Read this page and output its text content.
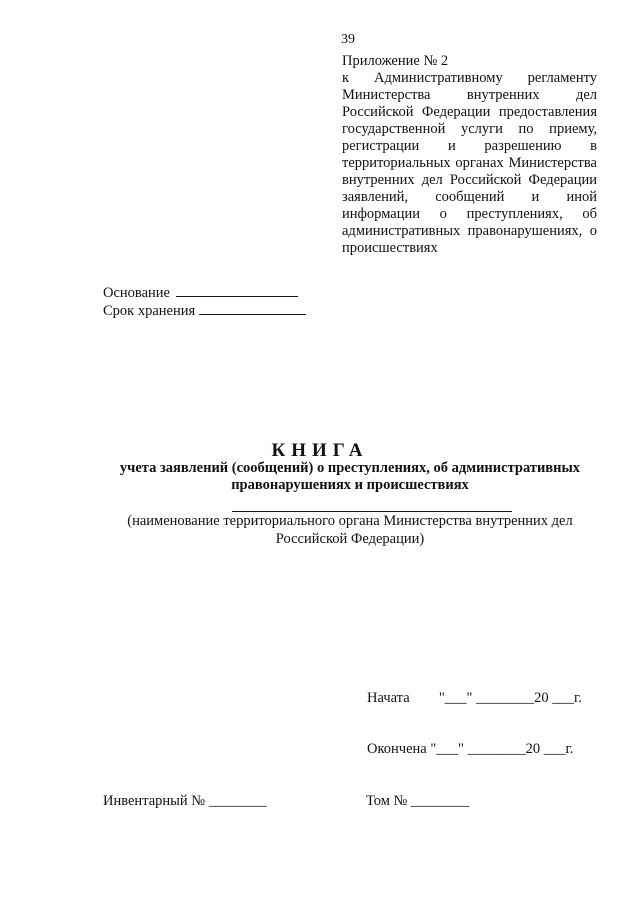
39
Приложение № 2
к Административному регламенту Министерства внутренних дел Российской Федерации предоставления государственной услуги по приему, регистрации и разрешению в территориальных органах Министерства внутренних дел Российской Федерации заявлений, сообщений и иной информации о преступлениях, об административных правонарушениях, о происшествиях
Основание
Срок хранения
КНИГА
учета заявлений (сообщений) о преступлениях, об административных
правонарушениях и происшествиях
(наименование территориального органа Министерства внутренних дел
Российской Федерации)
Начата "___" ________20 ___г.
Окончена "___" ________20 ___г.
Инвентарный № ________	Том № ________
